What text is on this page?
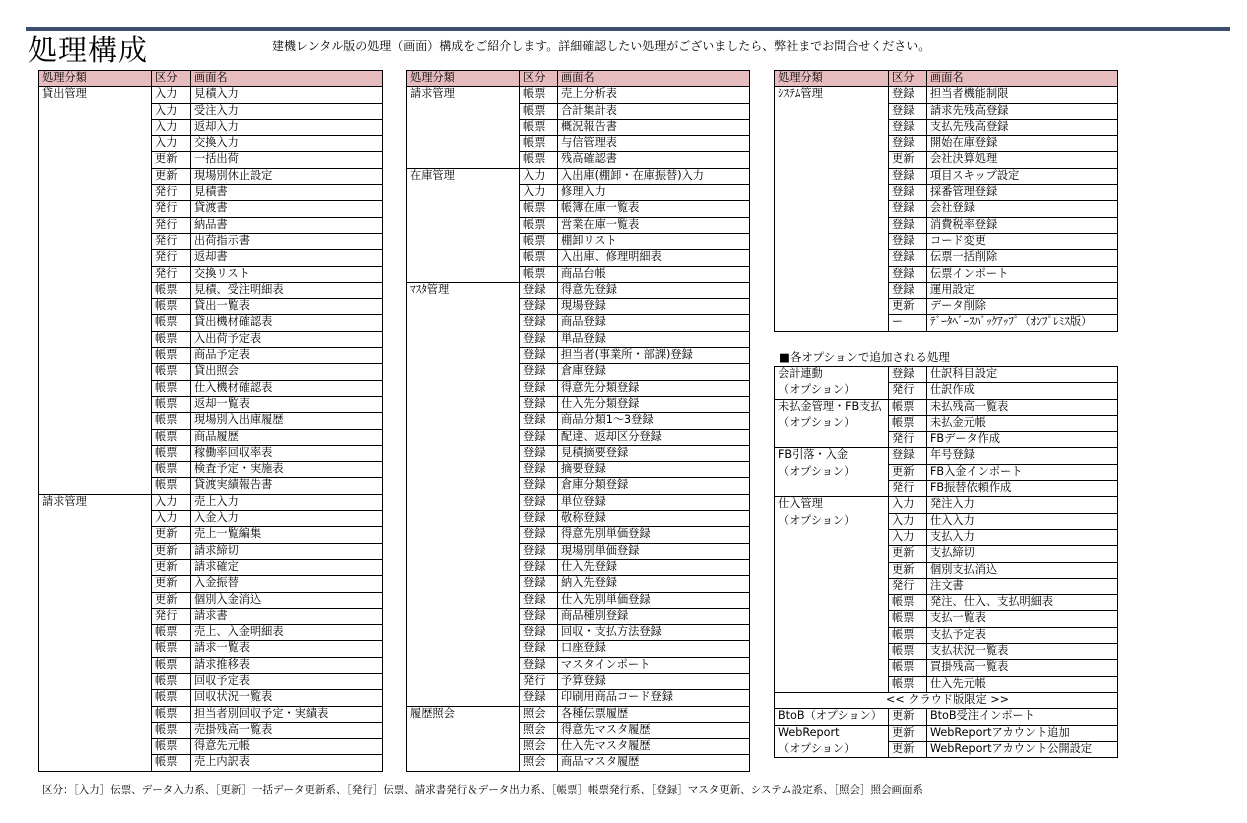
処理構成	建機レンタル版の処理（画面）構成をご紹介します。詳細確認したい処理がございましたら、弊社までお問合せください。
処理分類	区分	画面名
貸出管理	入力	見積入力
	入力	受注入力
	入力	返却入力
	入力	交換入力
	更新	一括出荷
	更新	現場別休止設定
	発行	見積書
	発行	貸渡書
	発行	納品書
	発行	出荷指示書
	発行	返却書
	発行	交換リスト
	帳票	見積、受注明細表
	帳票	貸出一覧表
	帳票	貸出機材確認表
	帳票	入出荷予定表
	帳票	商品予定表
	帳票	貸出照会
	帳票	仕入機材確認表
	帳票	返却一覧表
	帳票	現場別入出庫履歴
	帳票	商品履歴
	帳票	稼働率回収率表
	帳票	検査予定・実施表
	帳票	貸渡実績報告書
請求管理	入力	売上入力
	入力	入金入力
	更新	売上一覧編集
	更新	請求締切
	更新	請求確定
	更新	入金振替
	更新	個別入金消込
	発行	請求書
	帳票	売上、入金明細表
	帳票	請求一覧表
	帳票	請求推移表
	帳票	回収予定表
	帳票	回収状況一覧表
	帳票	担当者別回収予定・実績表
	帳票	売掛残高一覧表
	帳票	得意先元帳
	帳票	売上内訳表
処理分類	区分	画面名
請求管理	帳票	売上分析表
	帳票	合計集計表
	帳票	概況報告書
	帳票	与信管理表
	帳票	残高確認書
在庫管理	入力	入出庫(棚卸・在庫振替)入力
	入力	修理入力
	帳票	帳簿在庫一覧表
	帳票	営業在庫一覧表
	帳票	棚卸リスト
	帳票	入出庫、修理明細表
	帳票	商品台帳
ﾏｽﾀ管理	登録	得意先登録
	登録	現場登録
	登録	商品登録
	登録	単品登録
	登録	担当者(事業所・部課)登録
	登録	倉庫登録
	登録	得意先分類登録
	登録	仕入先分類登録
	登録	商品分類1～3登録
	登録	配達、返却区分登録
	登録	見積摘要登録
	登録	摘要登録
	登録	倉庫分類登録
	登録	単位登録
	登録	敬称登録
	登録	得意先別単価登録
	登録	現場別単価登録
	登録	仕入先登録
	登録	納入先登録
	登録	仕入先別単価登録
	登録	商品種別登録
	登録	回収・支払方法登録
	登録	口座登録
	登録	マスタインポート
	発行	予算登録
	登録	印刷用商品コード登録
履歴照会	照会	各種伝票履歴
	照会	得意先マスタ履歴
	照会	仕入先マスタ履歴
	照会	商品マスタ履歴
処理分類	区分	画面名
ｼｽﾃﾑ管理	登録	担当者機能制限
	登録	請求先残高登録
	登録	支払先残高登録
	登録	開始在庫登録
	更新	会社決算処理
	登録	項目スキップ設定
	登録	採番管理登録
	登録	会社登録
	登録	消費税率登録
	登録	コード変更
	登録	伝票一括削除
	登録	伝票インポート
	登録	運用設定
	更新	データ削除
	ー	ﾃﾞｰﾀﾍﾞｰｽﾊﾞｯｸｱｯﾌﾟ（ｵﾝﾌﾟﾚﾐｽ版）
■各オプションで追加される処理
会計連動	登録	仕訳科目設定
（オプション）	発行	仕訳作成
未払金管理・FB支払	帳票	未払残高一覧表
（オプション）	帳票	未払金元帳
	発行	FBデータ作成
FB引落・入金	登録	年号登録
（オプション）	更新	FB入金インポート
	発行	FB振替依頼作成
仕入管理	入力	発注入力
（オプション）	入力	仕入入力
	入力	支払入力
	更新	支払締切
	更新	個別支払消込
	発行	注文書
	帳票	発注、仕入、支払明細表
	帳票	支払一覧表
	帳票	支払予定表
	帳票	支払状況一覧表
	帳票	買掛残高一覧表
	帳票	仕入先元帳
<< クラウド版限定 >>		
BtoB（オプション）	更新	BtoB受注インポート
WebReport	更新	WebReportアカウント追加
（オプション）	更新	WebReportアカウント公開設定
区分：［入力］伝票、データ入力系、［更新］一括データ更新系、［発行］伝票、請求書発行＆データ出力系、［帳票］帳票発行系、［登録］マスタ更新、システム設定系、［照会］照会画面系
